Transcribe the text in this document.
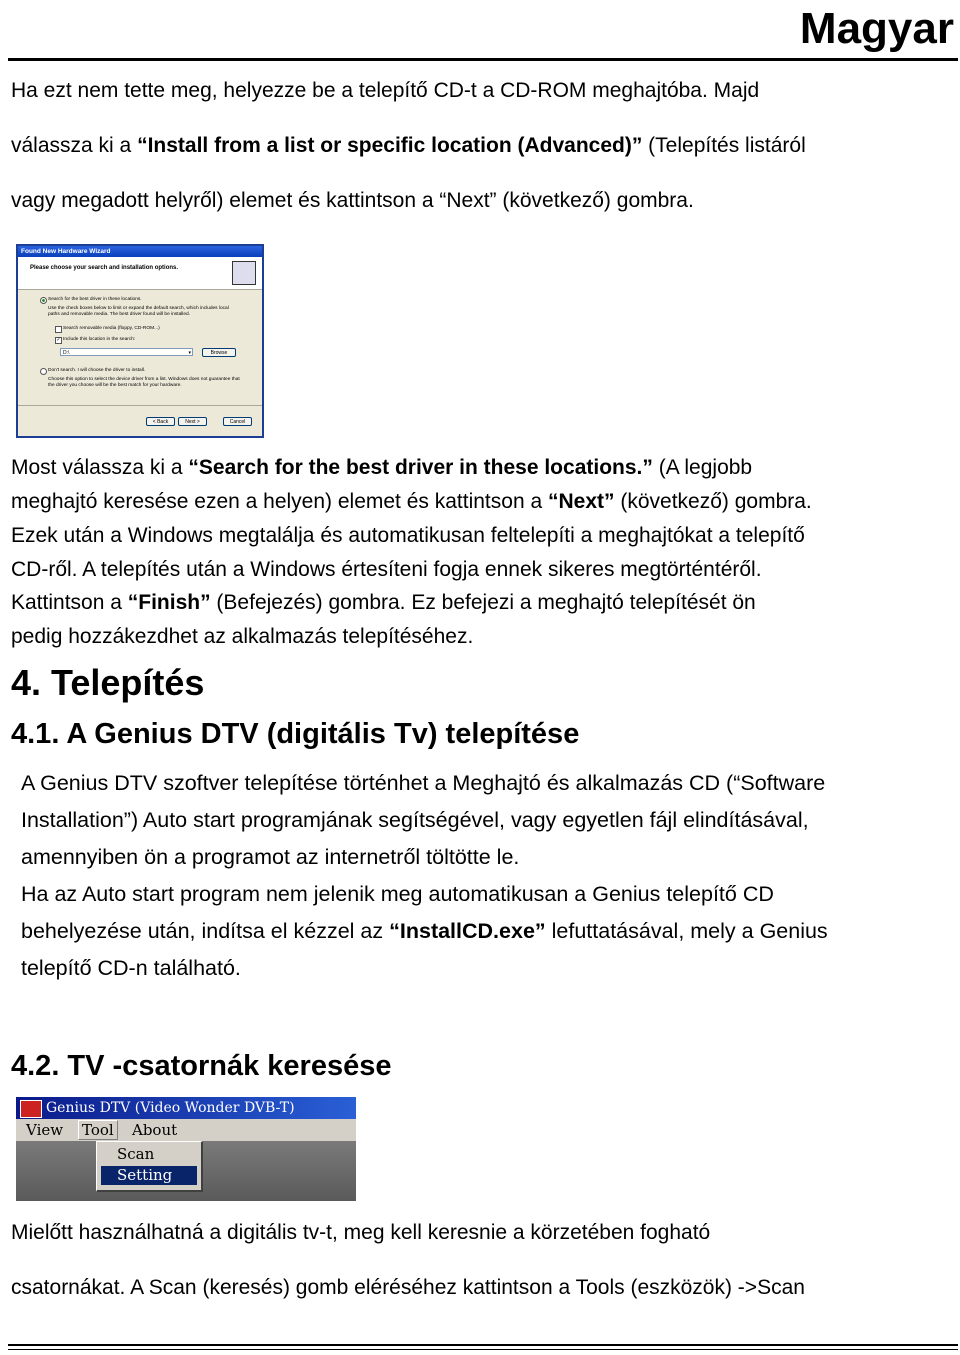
Magyar
Ha ezt nem tette meg, helyezze be a telepítő CD-t a CD-ROM meghajtóba. Majd
válassza ki a “Install from a list or specific location (Advanced)” (Telepítés listáról
vagy megadott helyről) elemet és kattintson a “Next” (következő) gombra.
Found New Hardware Wizard
Please choose your search and installation options.
Search for the best driver in these locations.
Use the check boxes below to limit or expand the default search, which includes local
paths and removable media. The best driver found will be installed.
Search removable media (floppy, CD-ROM...)
✓ Include this location in the search:
D:\	▾	Browse
Don't search. I will choose the driver to install.
Choose this option to select the device driver from a list. Windows does not guarantee that
the driver you choose will be the best match for your hardware.
< Back	Next >	Cancel
Most válassza ki a “Search for the best driver in these locations.” (A legjobb
meghajtó keresése ezen a helyen) elemet és kattintson a “Next” (következő) gombra.
Ezek után a Windows megtalálja és automatikusan feltelepíti a meghajtókat a telepítő
CD-ről. A telepítés után a Windows értesíteni fogja ennek sikeres megtörténtéről.
Kattintson a “Finish” (Befejezés) gombra. Ez befejezi a meghajtó telepítését ön
pedig hozzákezdhet az alkalmazás telepítéséhez.
4. Telepítés
4.1. A Genius DTV (digitális Tv) telepítése
A Genius DTV szoftver telepítése történhet a Meghajtó és alkalmazás CD (“Software
Installation”) Auto start programjának segítségével, vagy egyetlen fájl elindításával,
amennyiben ön a programot az internetről töltötte le.
Ha az Auto start program nem jelenik meg automatikusan a Genius telepítő CD
behelyezése után, indítsa el kézzel az “InstallCD.exe” lefuttatásával, mely a Genius
telepítő CD-n található.
4.2. TV -csatornák keresése
Genius DTV (Video Wonder DVB-T)
View Tool About
Scan
Setting
Mielőtt használhatná a digitális tv-t, meg kell keresnie a körzetében fogható
csatornákat. A Scan (keresés) gomb eléréséhez kattintson a Tools (eszközök) ->Scan
